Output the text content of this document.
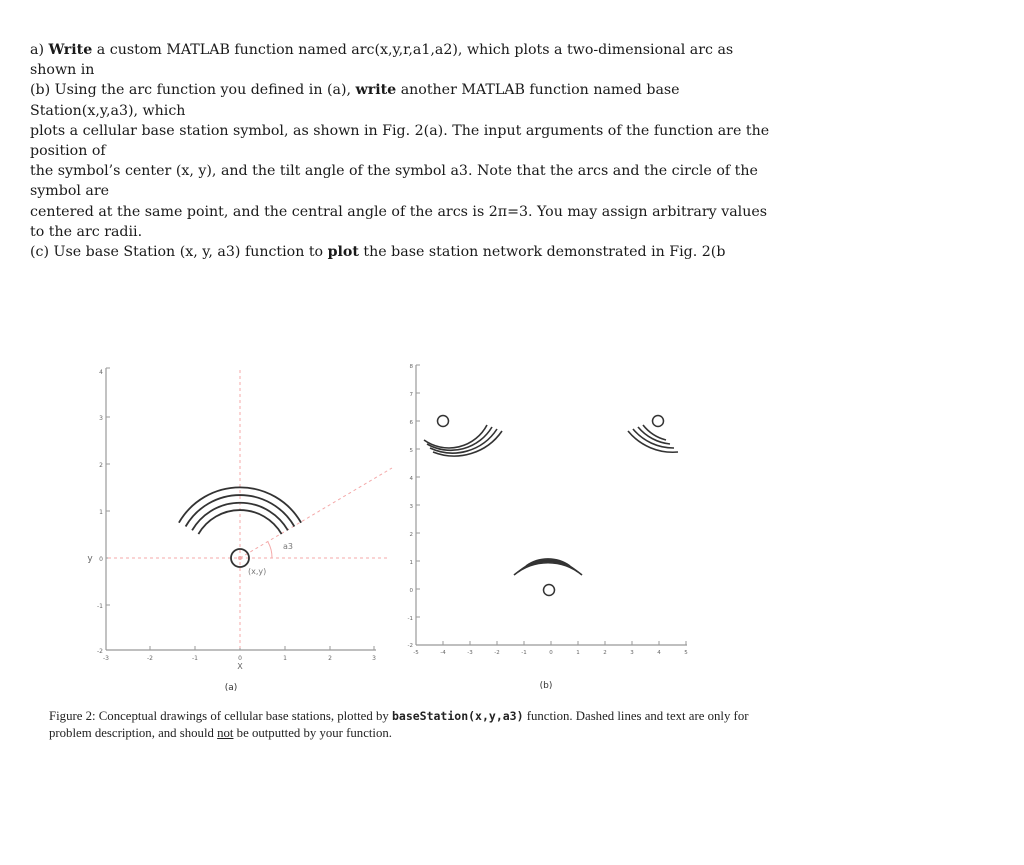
a) Write a custom MATLAB function named arc(x,y,r,a1,a2), which plots a two-dimensional arc as shown in

(b) Using the arc function you defined in (a), write another MATLAB function named base Station(x,y,a3), which

plots a cellular base station symbol, as shown in Fig. 2(a). The input arguments of the function are the position of

the symbol’s center (x, y), and the tilt angle of the symbol a3. Note that the arcs and the circle of the symbol are

centered at the same point, and the central angle of the arcs is 2π=3. You may assign arbitrary values to the arc radii.

(c) Use base Station (x, y, a3) function to plot the base station network demonstrated in Fig. 2(b

4
3
2
1
0
-1
-2
-3	-2	-1	0	1	2	3
X
y
a3
(x,y)
(a)
8
7
6
5
4
3
2
1
0
-1
-2
-5	-4	-3	-2	-1	0	1	2	3	4	5
(b)
Figure 2: Conceptual drawings of cellular base stations, plotted by baseStation(x,y,a3) function. Dashed lines and text are only for problem description, and should not be outputted by your function.
